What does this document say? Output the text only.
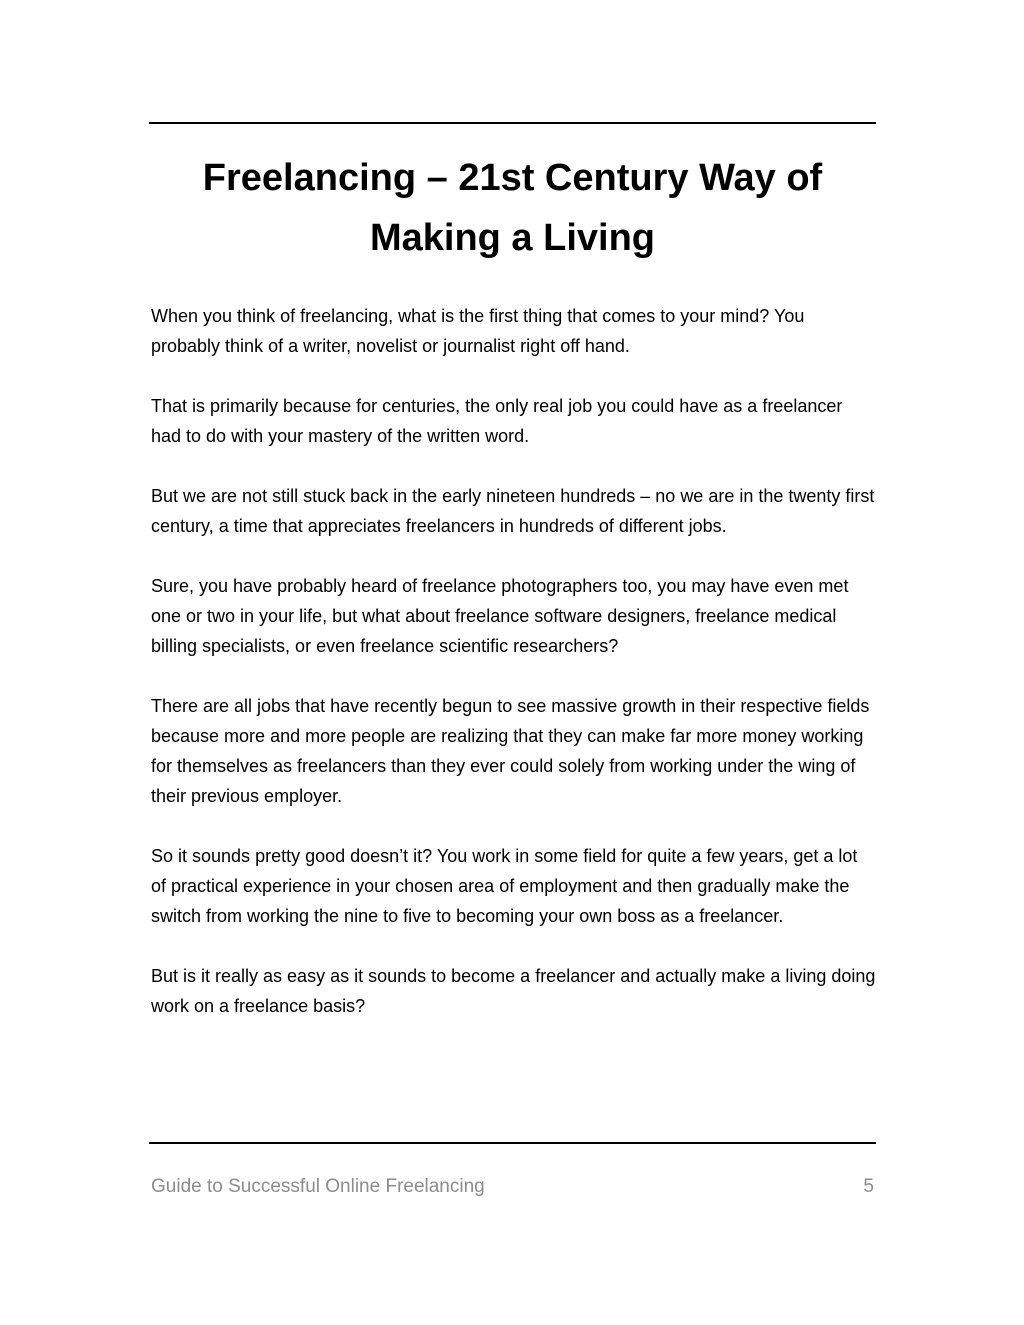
Freelancing – 21st Century Way of Making a Living

When you think of freelancing, what is the first thing that comes to your mind? You probably think of a writer, novelist or journalist right off hand.

That is primarily because for centuries, the only real job you could have as a freelancer had to do with your mastery of the written word.

But we are not still stuck back in the early nineteen hundreds – no we are in the twenty first century, a time that appreciates freelancers in hundreds of different jobs.

Sure, you have probably heard of freelance photographers too, you may have even met one or two in your life, but what about freelance software designers, freelance medical billing specialists, or even freelance scientific researchers?

There are all jobs that have recently begun to see massive growth in their respective fields because more and more people are realizing that they can make far more money working for themselves as freelancers than they ever could solely from working under the wing of their previous employer.

So it sounds pretty good doesn’t it? You work in some field for quite a few years, get a lot of practical experience in your chosen area of employment and then gradually make the switch from working the nine to five to becoming your own boss as a freelancer.

But is it really as easy as it sounds to become a freelancer and actually make a living doing work on a freelance basis?

Guide to Successful Online Freelancing	5
